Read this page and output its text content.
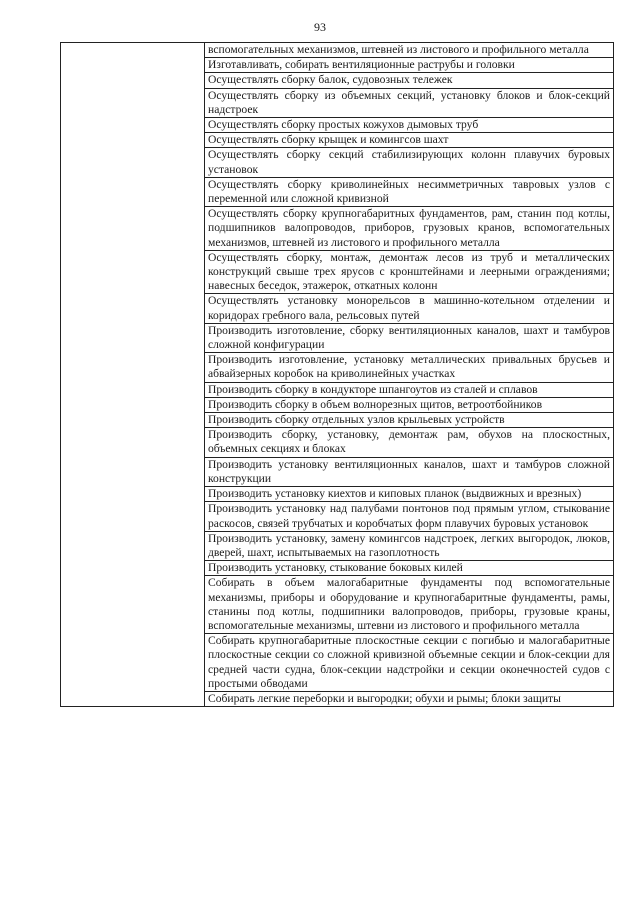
93
	вспомогательных механизмов, штевней из листового и профильного металла
Изготавливать, собирать вентиляционные раструбы и головки
Осуществлять сборку балок, судовозных тележек
Осуществлять сборку из объемных секций, установку блоков и блок-секций надстроек
Осуществлять сборку простых кожухов дымовых труб
Осуществлять сборку крыщек и комингсов шахт
Осуществлять сборку секций стабилизирующих колонн плавучих буровых установок
Осуществлять сборку криволинейных несимметричных тавровых узлов с переменной или сложной кривизной
Осуществлять сборку крупногабаритных фундаментов, рам, станин под котлы, подшипников валопроводов, приборов, грузовых кранов, вспомогательных механизмов, штевней из листового и профильного металла
Осуществлять сборку, монтаж, демонтаж лесов из труб и металлических конструкций свыше трех ярусов с кронштейнами и леерными ограждениями; навесных беседок, этажерок, откатных колонн
Осуществлять установку монорельсов в машинно-котельном отделении и коридорах гребного вала, рельсовых путей
Производить изготовление, сборку вентиляционных каналов, шахт и тамбуров сложной конфигурации
Производить изготовление, установку металлических привальных брусьев и абвайзерных коробок на криволинейных участках
Производить сборку в кондукторе шпангоутов из сталей и сплавов
Производить сборку в объем волнорезных щитов, ветроотбойников
Производить сборку отдельных узлов крыльевых устройств
Производить сборку, установку, демонтаж рам, обухов на плоскостных, объемных секциях и блоках
Производить установку вентиляционных каналов, шахт и тамбуров сложной конструкции
Производить установку киехтов и киповых планок (выдвижных и врезных)
Производить установку над палубами понтонов под прямым углом, стыкование раскосов, связей трубчатых и коробчатых форм плавучих буровых установок
Производить установку, замену комингсов надстроек, легких выгородок, люков, дверей, шахт, испытываемых на газоплотность
Производить установку, стыкование боковых килей
Собирать в объем малогабаритные фундаменты под вспомогательные механизмы, приборы и оборудование и крупногабаритные фундаменты, рамы, станины под котлы, подшипники валопроводов, приборы, грузовые краны, вспомогательные механизмы, штевни из листового и профильного металла
Собирать крупногабаритные плоскостные секции с погибью и малогабаритные плоскостные секции со сложной кривизной объемные секции и блок-секции для средней части судна, блок-секции надстройки и секции оконечностей судов с простыми обводами
Собирать легкие переборки и выгородки; обухи и рымы; блоки защиты
